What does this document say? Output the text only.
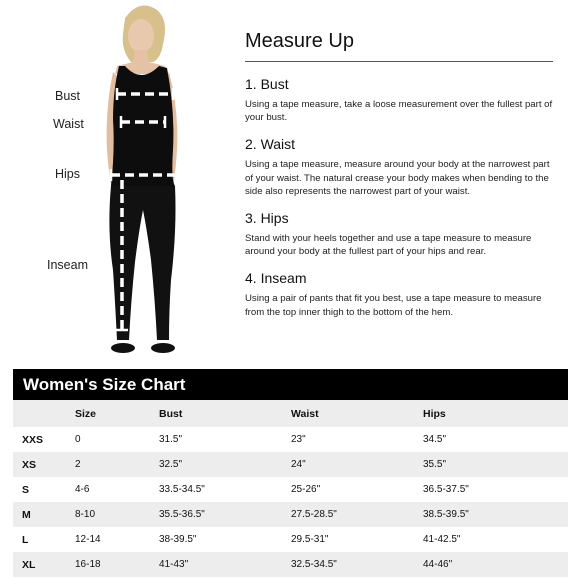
Bust
Waist
Hips
Inseam
Measure Up
1. Bust

Using a tape measure, take a loose measurement over the fullest part of your bust.

2. Waist

Using a tape measure, measure around your body at the narrowest part of your waist. The natural crease your body makes when bending to the side also represents the narrowest part of your waist.

3. Hips

Stand with your heels together and use a tape measure to measure around your body at the fullest part of your hips and rear.

4. Inseam

Using a pair of pants that fit you best, use a tape measure to measure from the top inner thigh to the bottom of the hem.

Women's Size Chart
	Size	Bust	Waist	Hips
XXS	0	31.5"	23"	34.5"
XS	2	32.5"	24"	35.5"
S	4-6	33.5-34.5"	25-26"	36.5-37.5"
M	8-10	35.5-36.5"	27.5-28.5"	38.5-39.5"
L	12-14	38-39.5"	29.5-31"	41-42.5"
XL	16-18	41-43"	32.5-34.5"	44-46"
